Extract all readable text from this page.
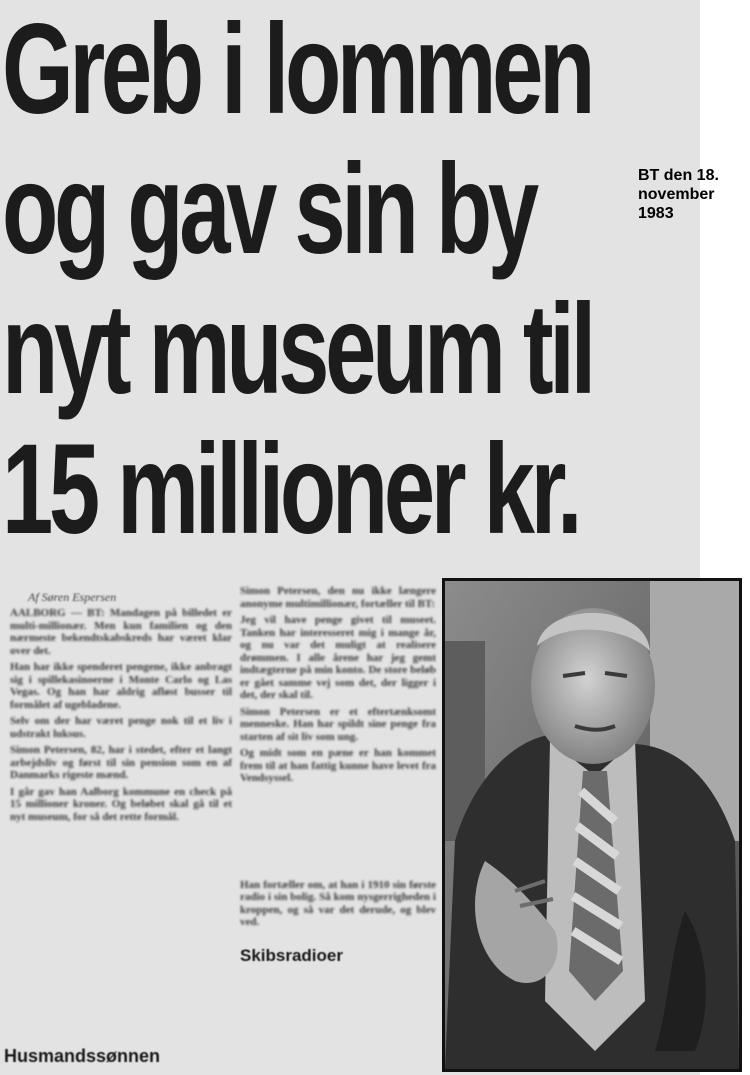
Greb i lommen
og gav sin by
nyt museum til
15 millioner kr.
Af Søren Espersen

AALBORG — BT: Mandagen på billedet er multi-millionær. Men kun familien og den nærmeste bekendtskabskreds har været klar over det.

Han har ikke spenderet pengene, ikke anbragt sig i spillekasinoerne i Monte Carlo og Las Vegas. Og han har aldrig afløst busser til formålet af ugebladene.

Selv om der har været penge nok til et liv i udstrakt luksus.

Simon Petersen, 82, har i stedet, efter et langt arbejdsliv og først til sin pension som en af Danmarks rigeste mænd.

I går gav han Aalborg kommune en check på 15 millioner kroner. Og beløbet skal gå til et nyt museum, for så det rette formål.

Simon Petersen, den nu ikke længere anonyme multimillionær, fortæller til BT:

Jeg vil have penge givet til museet. Tanken har interesseret mig i mange år, og nu var det muligt at realisere drømmen. I alle årene har jeg gemt indtægterne på min konto. De store beløb er gået samme vej som det, der ligger i det, der skal til.

Simon Petersen er et eftertænksomt menneske. Han har spildt sine penge fra starten af sit liv som ung.

Og midt som en pæne er han kommet frem til at han fattig kunne have levet fra Vendsyssel.

Han fortæller om, at han i 1910 sin første radio i sin bolig. Så kom nysgerrigheden i kroppen, og så var det derude, og blev ved.

Skibsradioer
Husmandssønnen
BT den 18.
november
1983
